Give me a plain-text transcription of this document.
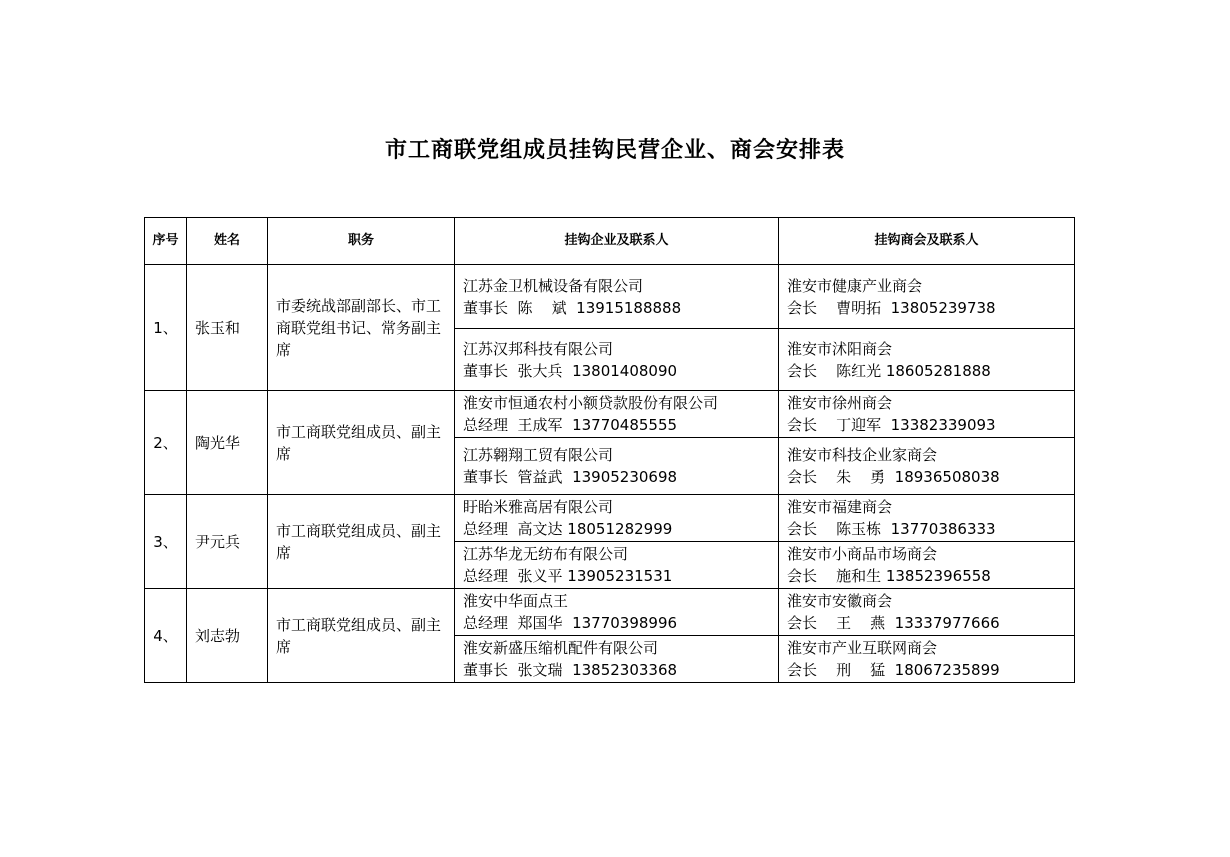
市工商联党组成员挂钩民营企业、商会安排表
序号	姓名	职务	挂钩企业及联系人	挂钩商会及联系人
1、	张玉和	市委统战部副部长、市工商联党组书记、常务副主席	江苏金卫机械设备有限公司
董事长  陈    斌  13915188888	淮安市健康产业商会
会长    曹明拓  13805239738

			江苏汉邦科技有限公司
董事长  张大兵  13801408090	淮安市沭阳商会
会长    陈红光 18605281888

2、	陶光华	市工商联党组成员、副主席	淮安市恒通农村小额贷款股份有限公司
总经理  王成军  13770485555	淮安市徐州商会
会长    丁迎军  13382339093

			江苏翱翔工贸有限公司
董事长  管益武  13905230698	淮安市科技企业家商会
会长    朱    勇  18936508038

3、	尹元兵	市工商联党组成员、副主席	盱眙米雅高居有限公司
总经理  高文达 18051282999	淮安市福建商会
会长    陈玉栋  13770386333

			江苏华龙无纺布有限公司
总经理  张义平 13905231531	淮安市小商品市场商会
会长    施和生 13852396558

4、	刘志勃	市工商联党组成员、副主席	淮安中华面点王
总经理  郑国华  13770398996	淮安市安徽商会
会长    王    燕  13337977666

			淮安新盛压缩机配件有限公司
董事长  张文瑞  13852303368	淮安市产业互联网商会
会长    刑    猛  18067235899
